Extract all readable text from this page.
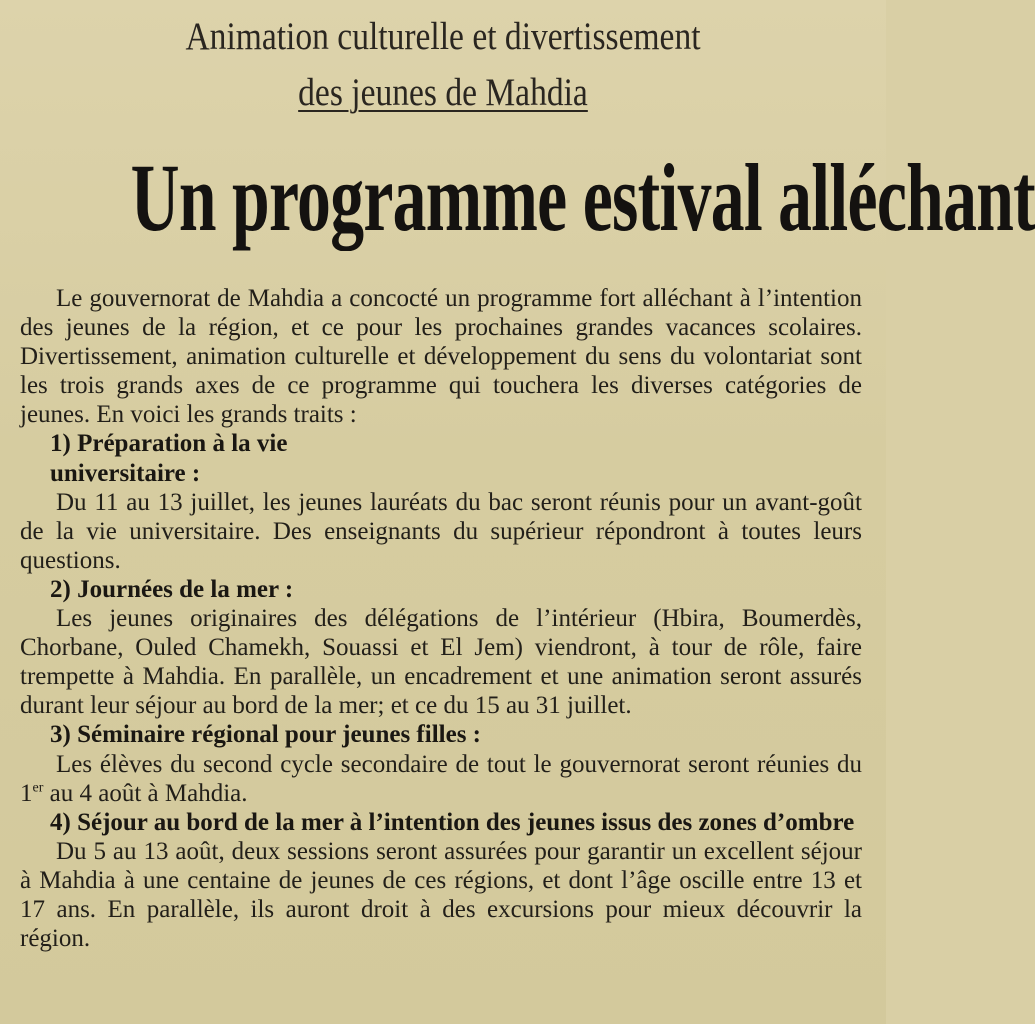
Animation culturelle et divertissement
des jeunes de Mahdia
Un programme estival alléchant

Le gouvernorat de Mahdia a concocté un programme fort alléchant à l’intention des jeunes de la région, et ce pour les prochaines grandes vacances scolaires. Divertissement, animation culturelle et développement du sens du volontariat sont les trois grands axes de ce programme qui touchera les diverses catégories de jeunes. En voici les grands traits :

1) Préparation à la vie universitaire :

Du 11 au 13 juillet, les jeunes lauréats du bac seront réunis pour un avant-goût de la vie universitaire. Des enseignants du supérieur répondront à toutes leurs questions.

2) Journées de la mer :

Les jeunes originaires des délégations de l’intérieur (Hbira, Boumerdès, Chorbane, Ouled Chamekh, Souassi et El Jem) viendront, à tour de rôle, faire trempette à Mahdia. En parallèle, un encadrement et une animation seront assurés durant leur séjour au bord de la mer; et ce du 15 au 31 juillet.

3) Séminaire régional pour jeunes filles :

Les élèves du second cycle secondaire de tout le gouvernorat seront réunies du 1er au 4 août à Mahdia.

4) Séjour au bord de la mer à l’intention des jeunes issus des zones d’ombre

Du 5 au 13 août, deux sessions seront assurées pour garantir un excellent séjour à Mahdia à une centaine de jeunes de ces régions, et dont l’âge oscille entre 13 et 17 ans. En parallèle, ils auront droit à des excursions pour mieux découvrir la région.
